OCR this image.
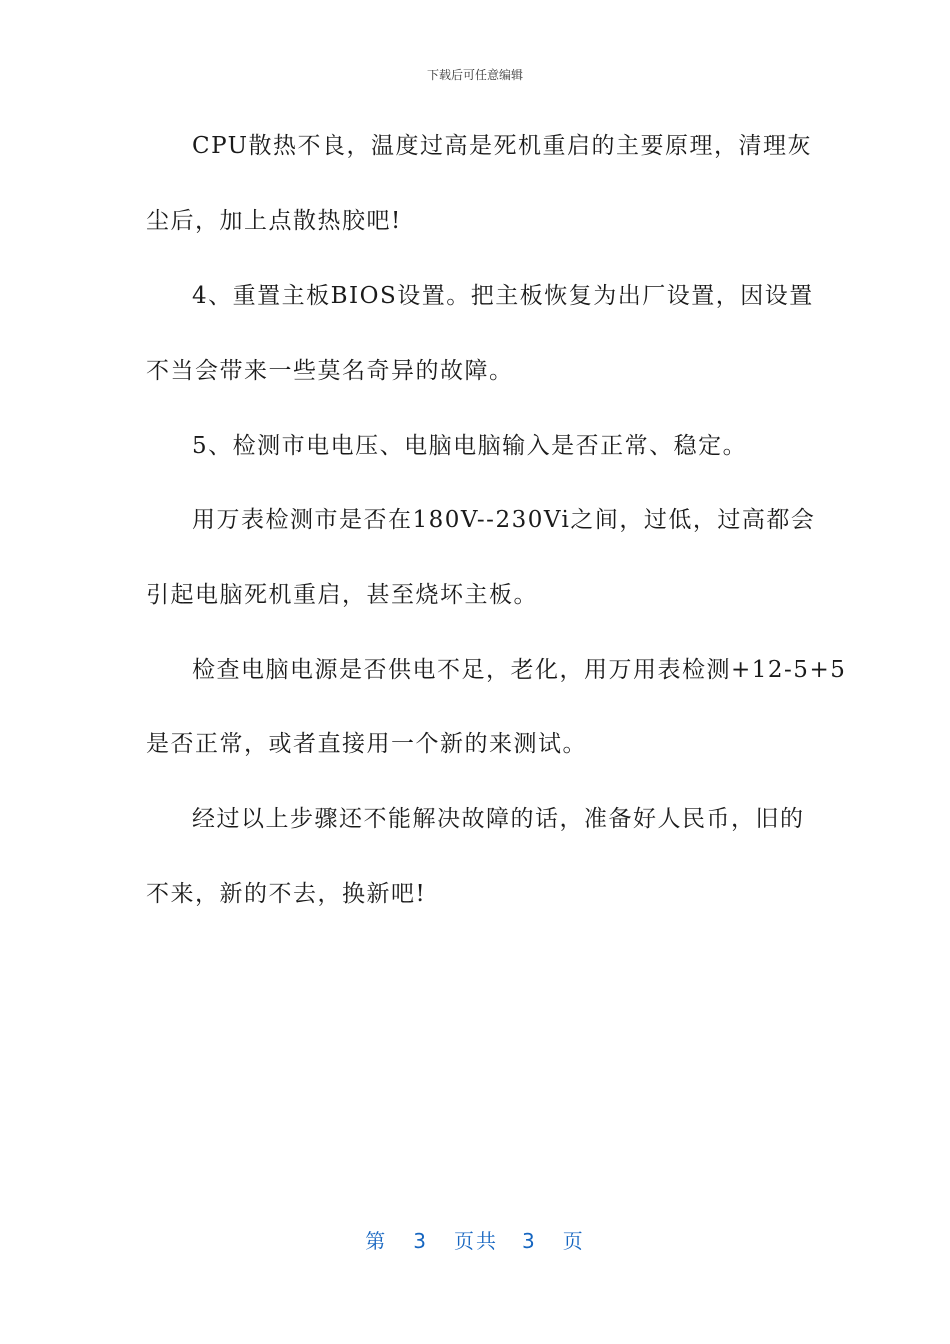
下载后可任意编辑
CPU散热不良，温度过高是死机重启的主要原理，清理灰
尘后，加上点散热胶吧!
4、重置主板BIOS设置。把主板恢复为出厂设置，因设置
不当会带来一些莫名奇异的故障。
5、检测市电电压、电脑电脑输入是否正常、稳定。
用万表检测市是否在180V--230Vi之间，过低，过高都会
引起电脑死机重启，甚至烧坏主板。
检查电脑电源是否供电不足，老化，用万用表检测+12-5+5
是否正常，或者直接用一个新的来测试。
经过以上步骤还不能解决故障的话，准备好人民币，旧的
不来，新的不去，换新吧!
第 3 页共 3 页
